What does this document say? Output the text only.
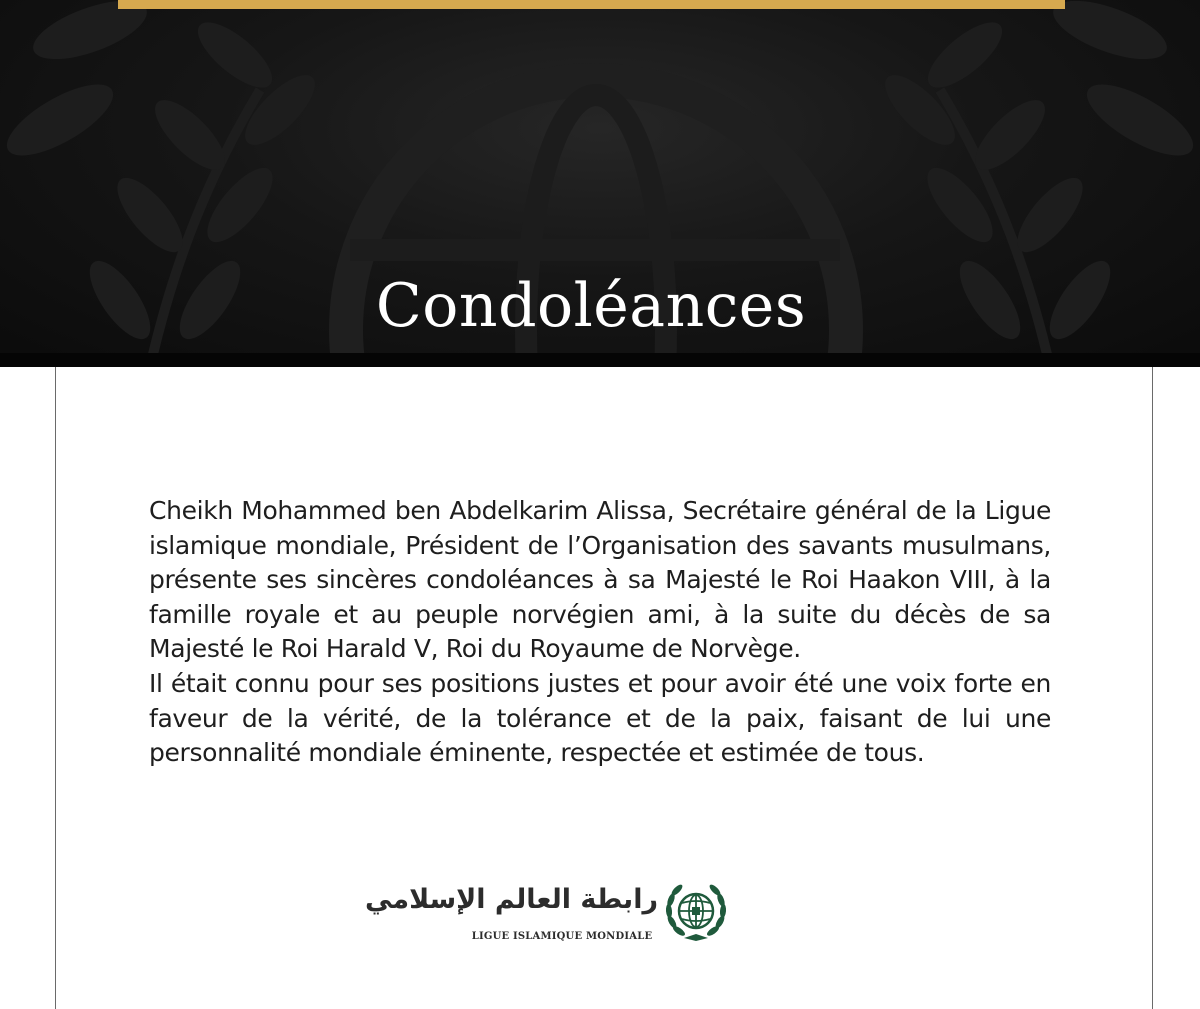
Condoléances

Cheikh Mohammed ben Abdelkarim Alissa, Secrétaire général de la Ligue islamique mondiale, Président de l’Organisation des savants musulmans, présente ses sincères condoléances à sa Majesté le Roi Haakon VIII, à la famille royale et au peuple norvégien ami, à la suite du décès de sa Majesté le Roi Harald V, Roi du Royaume de Norvège.

Il était connu pour ses positions justes et pour avoir été une voix forte en faveur de la vérité, de la tolérance et de la paix, faisant de lui une personnalité mondiale éminente, respectée et estimée de tous.

رابطة العالم الإسلامي
LIGUE ISLAMIQUE MONDIALE
